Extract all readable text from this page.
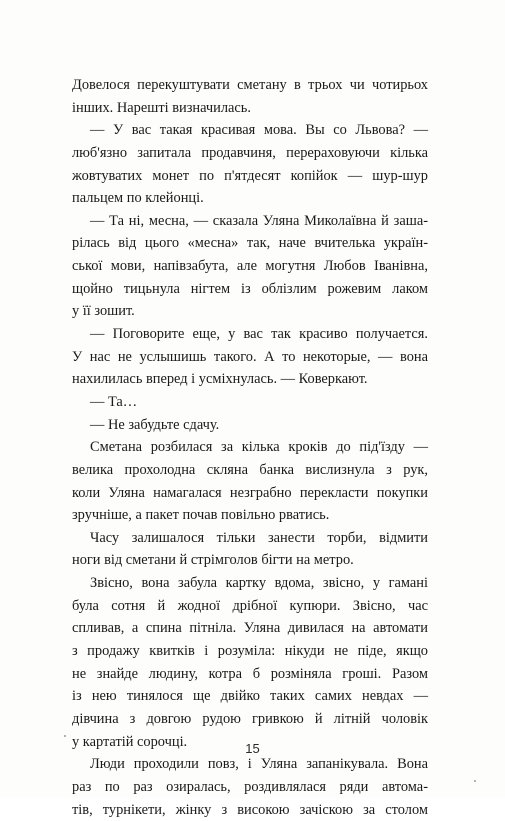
Довелося перекуштувати сметану в трьох чи чотирьох
інших. Нарешті визначилась.
— У вас такая красивая мова. Вы со Львова? —
люб'язно запитала продавчиня, перераховуючи кілька
жовтуватих монет по п'ятдесят копійок — шур-шур
пальцем по клейонці.
— Та ні, месна, — сказала Уляна Миколаївна й заша-
рілась від цього «месна» так, наче вчителька україн-
ської мови, напівзабута, але могутня Любов Іванівна,
щойно тицьнула нігтем із облізлим рожевим лаком
у її зошит.
— Поговорите еще, у вас так красиво получается.
У нас не услышишь такого. А то некоторые, — вона
нахилилась вперед і усміхнулась. — Коверкают.
— Та…
— Не забудьте сдачу.
Сметана розбилася за кілька кроків до під'їзду —
велика прохолодна скляна банка вислизнула з рук,
коли Уляна намагалася незграбно перекласти покупки
зручніше, а пакет почав повільно рватись.
Часу залишалося тільки занести торби, відмити
ноги від сметани й стрімголов бігти на метро.
Звісно, вона забула картку вдома, звісно, у гамані
була сотня й жодної дрібної купюри. Звісно, час
спливав, а спина пітніла. Уляна дивилася на автомати
з продажу квитків і розуміла: нікуди не піде, якщо
не знайде людину, котра б розміняла гроші. Разом
із нею тинялося ще двійко таких самих невдах —
дівчина з довгою рудою гривкою й літній чоловік
у картатій сорочці.
Люди проходили повз, і Уляна запанікувала. Вона
раз по раз озиралась, роздивлялася ряди автома-
тів, турнікети, жінку з високою зачіскою за столом
15
